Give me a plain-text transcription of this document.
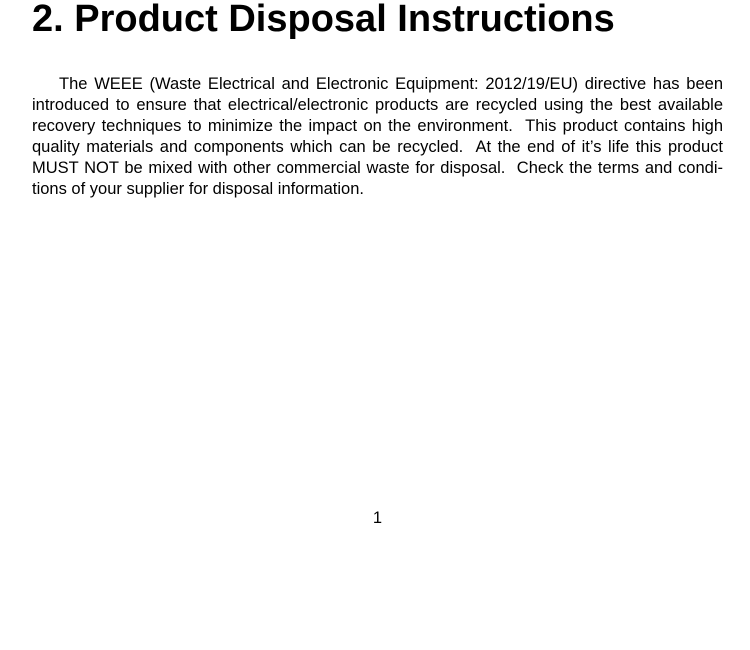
2. Product Disposal Instructions
The WEEE (Waste Electrical and Electronic Equipment: 2012/19/EU) directive has been
introduced to ensure that electrical/electronic products are recycled using the best available
recovery techniques to minimize the impact on the environment.  This product contains high
quality materials and components which can be recycled.  At the end of it’s life this product
MUST NOT be mixed with other commercial waste for disposal.  Check the terms and condi-
tions of your supplier for disposal information.
1
